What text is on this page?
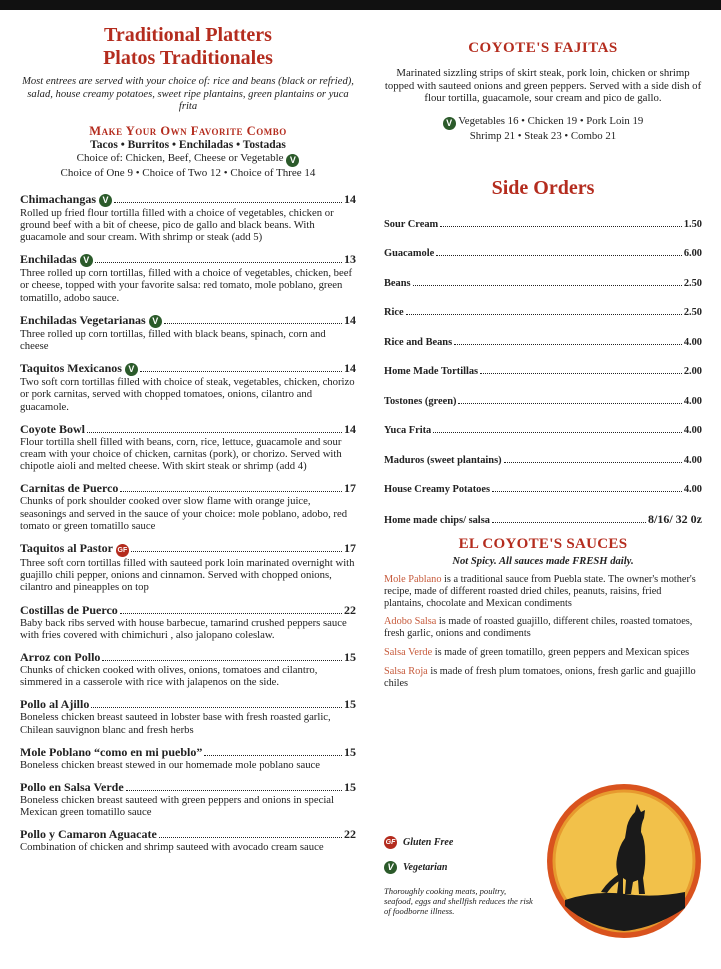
Traditional Platters
Platos Traditionales
Most entrees are served with your choice of: rice and beans (black or refried), salad, house creamy potatoes, sweet ripe plantains, green plantains or yuca frita
Make Your Own Favorite Combo
Tacos • Burritos • Enchiladas • Tostadas
Choice of: Chicken, Beef, Cheese or Vegetable V
Choice of One 9 • Choice of Two 12 • Choice of Three 14
Chimachangas V	14
Rolled up fried flour tortilla filled with a choice of vegetables, chicken or ground beef with a bit of cheese, pico de gallo and black beans. With guacamole and sour cream. With shrimp or steak (add 5)
Enchiladas V	13
Three rolled up corn tortillas, filled with a choice of vegetables, chicken, beef or cheese, topped with your favorite salsa: red tomato, mole poblano, green tomatillo, adobo sauce.
Enchiladas Vegetarianas V	14
Three rolled up corn tortillas, filled with black beans, spinach, corn and cheese
Taquitos Mexicanos V	14
Two soft corn tortillas filled with choice of steak, vegetables, chicken, chorizo or pork carnitas, served with chopped tomatoes, onions, cilantro and guacamole.
Coyote Bowl	14
Flour tortilla shell filled with beans, corn, rice, lettuce, guacamole and sour cream with your choice of chicken, carnitas (pork), or chorizo. Served with chipotle aioli and melted cheese. With skirt steak or shrimp (add 4)
Carnitas de Puerco	17
Chunks of pork shoulder cooked over slow flame with orange juice, seasonings and served in the sauce of your choice: mole poblano, adobo, red tomato or green tomatillo sauce
Taquitos al Pastor GF	17
Three soft corn tortillas filled with sauteed pork loin marinated overnight with guajillo chili pepper, onions and cinnamon. Served with chopped onions, cilantro and pineapples on top
Costillas de Puerco	22
Baby back ribs served with house barbecue, tamarind crushed peppers sauce with fries covered with chimichuri , also jalopano coleslaw.
Arroz con Pollo	15
Chunks of chicken cooked with olives, onions, tomatoes and cilantro, simmered in a casserole with rice with jalapenos on the side.
Pollo al Ajillo	15
Boneless chicken breast sauteed in lobster base with fresh roasted garlic, Chilean sauvignon blanc and fresh herbs
Mole Poblano “como en mi pueblo”	15
Boneless chicken breast stewed in our homemade mole poblano sauce
Pollo en Salsa Verde	15
Boneless chicken breast sauteed with green peppers and onions in special Mexican green tomatillo sauce
Pollo y Camaron Aguacate	22
Combination of chicken and shrimp sauteed with avocado cream sauce
COYOTE'S FAJITAS
Marinated sizzling strips of skirt steak, pork loin, chicken or shrimp topped with sauteed onions and green peppers. Served with a side dish of flour tortilla, guacamole, sour cream and pico de gallo.
V Vegetables 16 • Chicken 19 • Pork Loin 19
Shrimp 21 • Steak 23 • Combo 21
Side Orders
Sour Cream	1.50
Guacamole	6.00
Beans	2.50
Rice	2.50
Rice and Beans	4.00
Home Made Tortillas	2.00
Tostones (green)	4.00
Yuca Frita	4.00
Maduros (sweet plantains)	4.00
House Creamy Potatoes	4.00
Home made chips/ salsa	8/16/ 32 0z
EL COYOTE'S SAUCES
Not Spicy. All sauces made FRESH daily.
Mole Pablano is a traditional sauce from Puebla state. The owner's mother's recipe, made of different roasted dried chiles, peanuts, raisins, fried plantains, chocolate and Mexican condiments
Adobo Salsa is made of roasted guajillo, different chiles, roasted tomatoes, fresh garlic, onions and condiments
Salsa Verde is made of green tomatillo, green peppers and Mexican spices
Salsa Roja is made of fresh plum tomatoes, onions, fresh garlic and guajillo chiles
GF Gluten Free
V Vegetarian
Thoroughly cooking meats, poultry, seafood, eggs and shellfish reduces the risk of foodborne illness.
